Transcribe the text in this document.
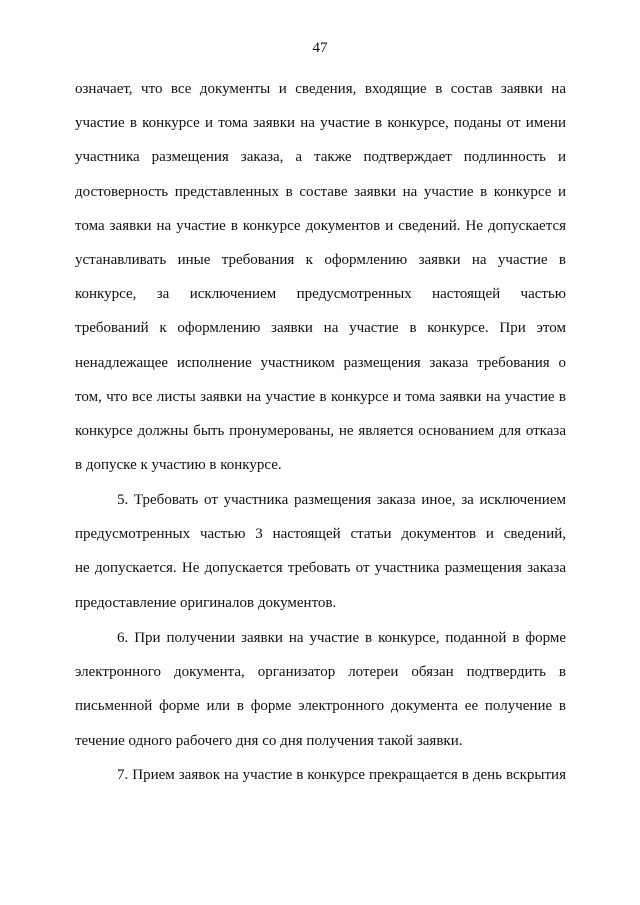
47
означает, что все документы и сведения, входящие в состав заявки на
участие в конкурсе и тома заявки на участие в конкурсе, поданы от имени
участника размещения заказа, а также подтверждает подлинность и
достоверность представленных в составе заявки на участие в конкурсе и
тома заявки на участие в конкурсе документов и сведений. Не допускается
устанавливать иные требования к оформлению заявки на участие в
конкурсе, за исключением предусмотренных настоящей частью
требований к оформлению заявки на участие в конкурсе. При этом
ненадлежащее исполнение участником размещения заказа требования о
том, что все листы заявки на участие в конкурсе и тома заявки на участие в
конкурсе должны быть пронумерованы, не является основанием для отказа
в допуске к участию в конкурсе.
5. Требовать от участника размещения заказа иное, за исключением
предусмотренных частью 3 настоящей статьи документов и сведений,
не допускается. Не допускается требовать от участника размещения заказа
предоставление оригиналов документов.
6. При получении заявки на участие в конкурсе, поданной в форме
электронного документа, организатор лотереи обязан подтвердить в
письменной форме или в форме электронного документа ее получение в
течение одного рабочего дня со дня получения такой заявки.
7. Прием заявок на участие в конкурсе прекращается в день вскрытия
